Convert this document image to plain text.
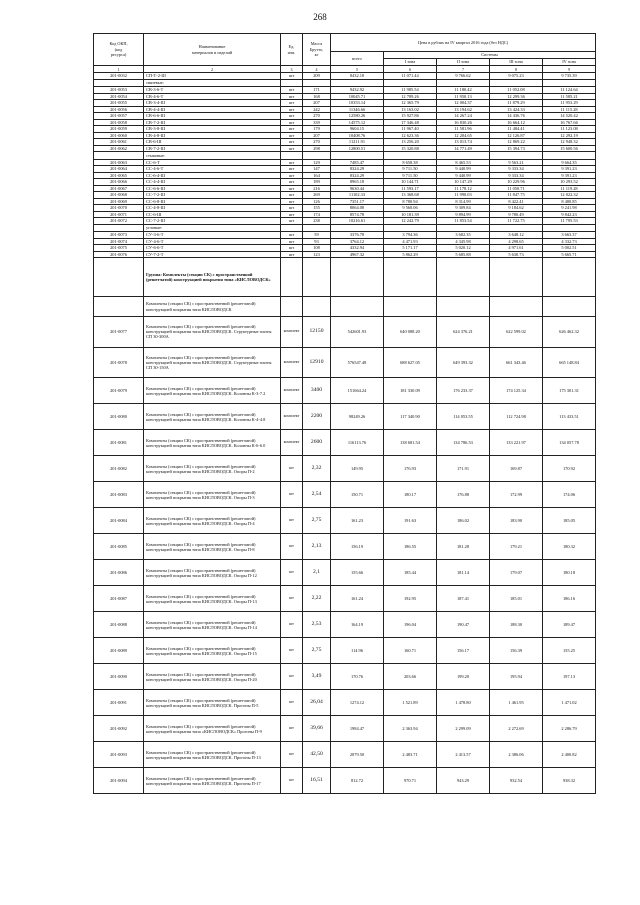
268
Код ОКП,
(код
ресурса)	Наименование
материалов и изделий	Ед.
изм.	Масса
Брутто,
кг	Цена в рублях на IV квартал 2016 года (без НДС)				
				всего	Системы			
					I зона	II зона	III зона	IV зона
1	2	3	4	5	6	7	8	9
201-0032	СП-Т-2-Ш	шт	209	8432.18	11 071.44	9 766.62	9 075.23	9 735.39
	связевые:							
201-0053	СВ-3-6-Т	шт	171	9432.92	11 985.54	11 180.42	11 052.08	11 124.64
201-0054	СВ-4-6-Т	шт	168	10045.71	12 789.26	11 950.13	12 299.36	11 585.21
201-0055	СВ-3-4-Ш	шт	207	10353.14	12 365.79	12 004.37	11 879.29	11 953.29
201-0056	СВ-4-4-Ш	шт	242	11346.66	13 163.02	13 194.62	13 424.33	11 115.28
201-0057	СВ-6-6-Ш	шт	270	12580.26	15 927.86	14 267.24	14 436.76	14 520.42
201-0058	СВ-7-2-Ш	шт	339	14575.12	17 346.48	16 830.26	16 664.12	16 767.66
201-0059	СВ-3-8-Ш	шт	179	9604.15	11 967.40	11 581.96	11 484.41	11 123.08
201-0060	СВ-4-8-Ш	шт	207	10408.76	12 623.36	12 204.65	12 126.87	12 292.19
201-0061	СВ-6-Ш	шт	270	11211.91	13 256.20	13 013.74	12 869.22	12 948.32
201-0062	СВ-7-2-Ш	шт	298	12800.51	15 320.88	14 771.49	15 394.73	15 600.56
	стыковые:							
201-0063	СС-6-Т	шт	129	7485.47	8 658.38	8 465.53	9 563.21	9 664.35
201-0064	СС-4-6-Т	шт	147	8324.29	9 711.50	9 440.99	9 333.34	9 391.23
201-0065	СС-6-4-Ш	шт	164	8324.29	9 711.50	9 440.99	9 333.34	9 391.23
201-0066	СС-4-4-Ш	шт	189	8965.18	10 144.71	10 147.29	10 229.96	10 293.52
201-0067	СС-6-6-Ш	шт	216	9630.44	11 593.17	11 178.12	11 050.71	11 119.28
201-0068	СС-7-2-Ш	шт	269	11102.33	13 368.68	11 990.03	11 847.75	12 022.32
201-0069	СС-6-8-Ш	шт	126	7351.17	8 780.94	8 314.99	8 422.41	8 480.85
201-0070	СС-4-8-Ш	шт	155	8064.08	9 560.06	9 309.84	9 184.62	9 241.98
201-0071	СС-6-Ш	шт	174	8574.78	10 181.39	9 894.99	9 780.49	9 842.23
201-0072	СС-7-2-Ш	шт	238	10216.61	12 242.79	11 853.54	11 722.75	11 795.53
	угловые:							
201-0073	СУ-3-6-Т	шт	59	3376.78	3 794.36	3 682.35	3 648.12	3 663.37
201-0074	СУ-4-6-Т	шт	93	3764.12	4 471.93	4 345.98	4 298.65	4 332.73
201-0075	СУ-6-6-Т	шт	108	4332.94	5 171.17	5 020.12	4 971.61	5 002.51
201-0076	СУ-7-2-Т	шт	123	4967.32	5 862.29	5 685.88	5 630.73	5 665.71
	Группа: Комплекты (секции СК) с пространственной (решетчатой) конструкцией покрытия типа «КИСЛОВОДСК»							
	Комплекты (секции СК) с пространственной (решетчатой) конструкцией покрытия типа КИСЛОВОДСК							
201-0077	Комплекты (секции СК) с пространственной (решетчатой) конструкцией покрытия типа КИСЛОВОДСК. Структурные плиты СП 30-300А	комплект	12150	542601.93	640 088.20	624 376.21	622 599.02	626 462.32
201-0078	Комплекты (секции СК) с пространственной (решетчатой) конструкцией покрытия типа КИСЛОВОДСК. Структурные плиты СП 30-150А	комплект	12910	576547.48	688 627.05	649 393.32	661 343.46	665 148.84
201-0079	Комплекты (секции СК) с пространственной (решетчатой) конструкцией покрытия типа КИСЛОВОДСК. Колонны К-3-7.2	комплект	3400	151664.24	181 330.09	176 233.37	174 125.34	175 301.31
201-0080	Комплекты (секции СК) с пространственной (решетчатой) конструкцией покрытия типа КИСЛОВОДСК. Колонны К-4-4.8	комплект	2200	98249.26	117 340.90	114 053.55	112 724.98	113 433.51
201-0081	Комплекты (секции СК) с пространственной (решетчатой) конструкцией покрытия типа КИСЛОВОДСК. Колонны К-6-6.0	комплект	2600	116113.76	138 681.54	134 786.53	133 221.97	134 057.78
201-0082	Комплекты (секции СК) с пространственной (решетчатой) конструкцией покрытия типа КИСЛОВОДСК. Опоры П-2	шт	2,32	149.95	176.93	171.91	169.87	170.92
201-0083	Комплекты (секции СК) с пространственной (решетчатой) конструкцией покрытия типа КИСЛОВОДСК. Опоры П-3	шт	2,54	150.71	180.17	176.88	172.99	174.06
201-0084	Комплекты (секции СК) с пространственной (решетчатой) конструкцией покрытия типа КИСЛОВОДСК. Опоры П-4	шт	2,75	161.23	191.63	186.02	183.90	185.05
201-0085	Комплекты (секции СК) с пространственной (решетчатой) конструкцией покрытия типа КИСЛОВОДСК. Опоры П-8	шт	2,13	156.19	186.55	181.28	179.21	180.32
201-0086	Комплекты (секции СК) с пространственной (решетчатой) конструкцией покрытия типа КИСЛОВОДСК. Опоры П-12	шт	2,1	155.66	185.44	181.14	179.07	180.18
201-0087	Комплекты (секции СК) с пространственной (решетчатой) конструкцией покрытия типа КИСЛОВОДСК. Опоры П-13	шт	2,22	161.24	192.95	187.41	185.01	186.16
201-0088	Комплекты (секции СК) с пространственной (решетчатой) конструкцией покрытия типа КИСЛОВОДСК. Опоры П-14	шт	2,53	164.19	196.04	190.47	188.30	189.47
201-0089	Комплекты (секции СК) с пространственной (решетчатой) конструкцией покрытия типа КИСЛОВОДСК. Опоры П-15	шт	2,75	114.96	160.71	156.17	156.39	155.25
201-0090	Комплекты (секции СК) с пространственной (решетчатой) конструкцией покрытия типа КИСЛОВОДСК. Опоры П-20	шт	3,49	170.76	203.66	199.20	195.94	197.13
201-0091	Комплекты (секции СК) с пространственной (решетчатой) конструкцией покрытия типа КИСЛОВОДСК. Прогоны П-5	шт	26,04	1274.12	1 521.89	1 478.80	1 461.95	1 471.02
201-0092	Комплекты (секции СК) с пространственной (решетчатой) конструкцией покрытия типа «КИСЛОВОДСК» Прогоны П-9	шт	39,66	1984.47	2 363.94	2 299.09	2 272.69	2 286.79
201-0093	Комплекты (секции СК) с пространственной (решетчатой) конструкцией покрытия типа КИСЛОВОДСК. Прогоны П-13	шт	42,50	2079.50	2 483.71	2 413.57	2 386.06	2 400.82
201-0094	Комплекты (секции СК) с пространственной (решетчатой) конструкцией покрытия типа КИСЛОВОДСК. Прогоны П-17	шт	16,51	812.72	970.71	943.29	932.54	938.32
